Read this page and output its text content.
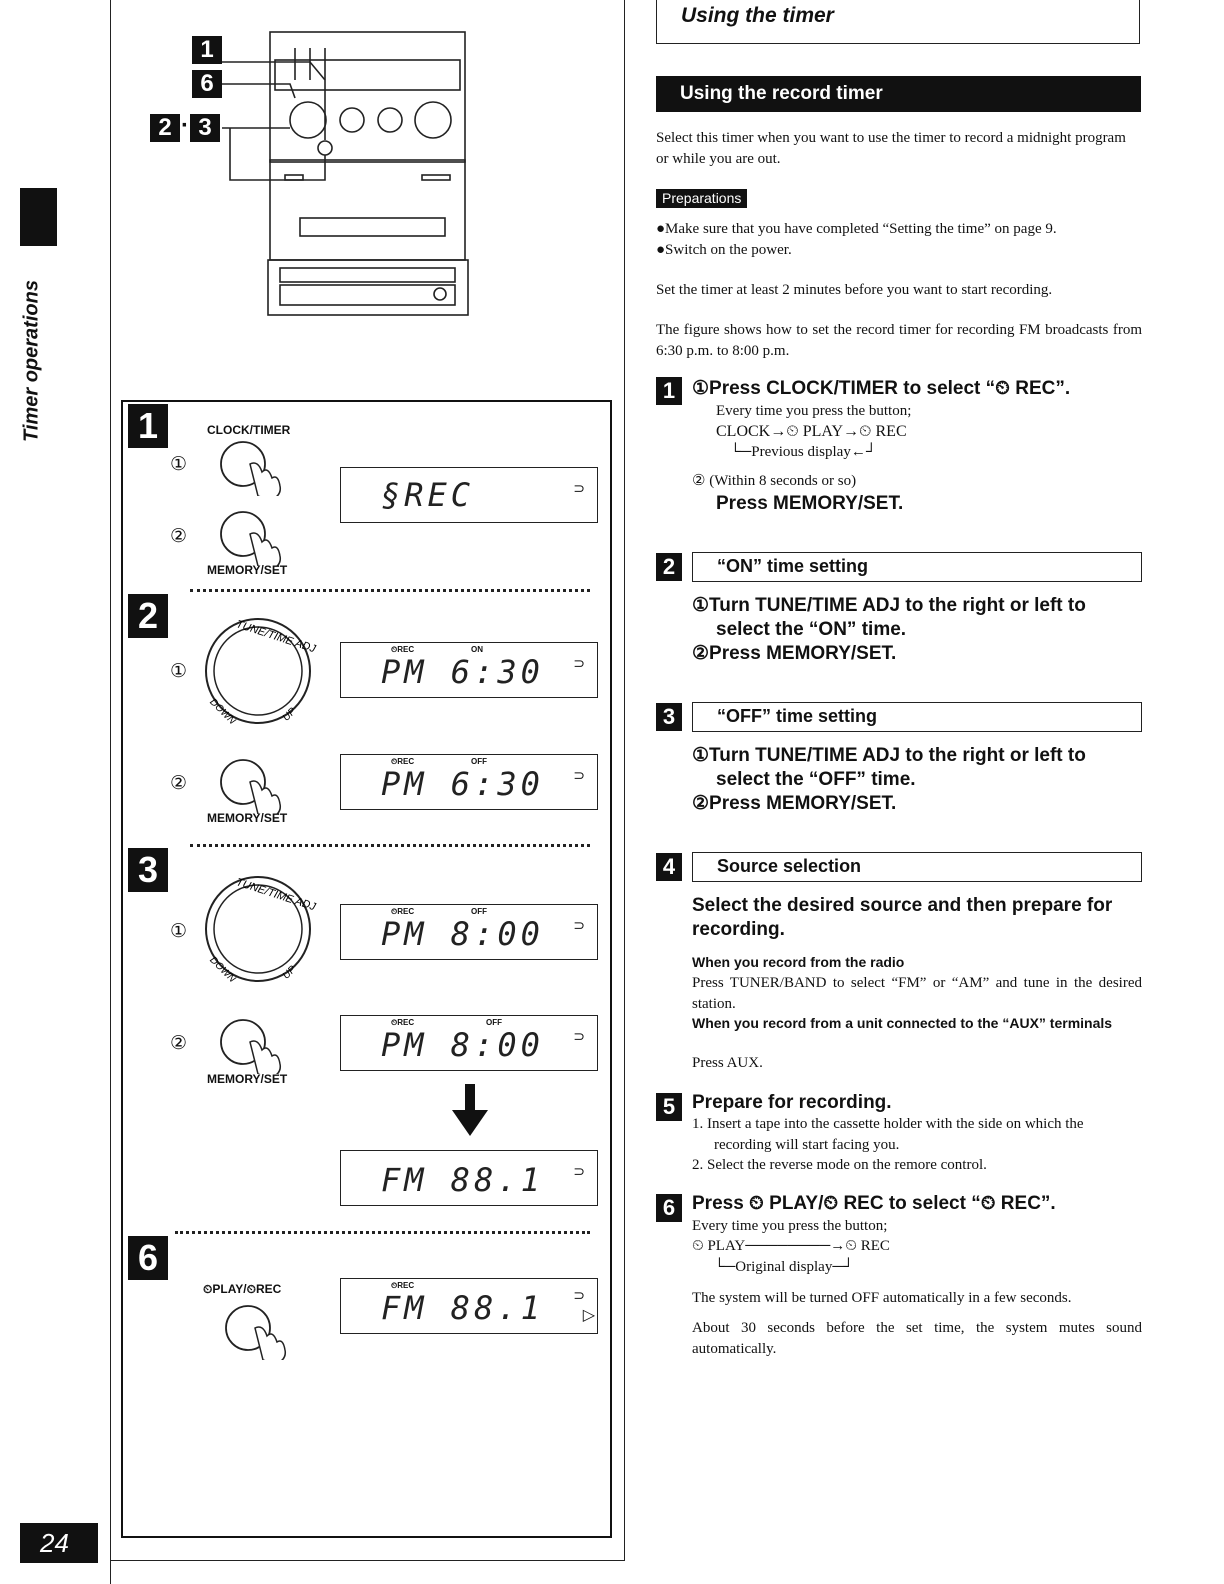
Timer operations
24
1
6
2 · 3
1	CLOCK/TIMER
①
②
MEMORY/SET
§REC	⊃
2
TUNE/TIME ADJ
DOWN	UP
①
⏲REC	ON
PM 6:30 ⊃
②
MEMORY/SET
⏲REC	OFF
PM 6:30 ⊃
3
TUNE/TIME ADJ
DOWN	UP
①
⏲REC	OFF
PM 8:00 ⊃
②
MEMORY/SET
⏲REC	OFF
PM 8:00 ⊃
FM 88.1 ⊃
6
⏲PLAY/⏲REC	⏲REC
FM 88.1 ⊃
▷
Using the timer
Using the record timer
Select this timer when you want to use the timer to record a midnight program or while you are out.
Preparations
●Make sure that you have completed “Setting the time” on page 9.
●Switch on the power.
Set the timer at least 2 minutes before you want to start recording.
The figure shows how to set the record timer for recording FM broadcasts from 6:30 p.m. to 8:00 p.m.
1 ①Press CLOCK/TIMER to select “⏲ REC”.
Every time you press the button;
CLOCK→⏲ PLAY→⏲ REC
└─Previous display←┘
② (Within 8 seconds or so)
Press MEMORY/SET.
2	“ON” time setting
①Turn TUNE/TIME ADJ to the right or left to
select the “ON” time.
②Press MEMORY/SET.
3	“OFF” time setting
①Turn TUNE/TIME ADJ to the right or left to
select the “OFF” time.
②Press MEMORY/SET.
4	Source selection
Select the desired source and then prepare for
recording.
When you record from the radio
Press TUNER/BAND to select “FM” or “AM” and tune in the desired station.
When you record from a unit connected to the “AUX” terminals
Press AUX.
5 Prepare for recording.
1. Insert a tape into the cassette holder with the side on which the recording will start facing you.
2. Select the reverse mode on the remore control.
6 Press ⏲ PLAY/⏲ REC to select “⏲ REC”.
Every time you press the button;
⏲ PLAY────────→⏲ REC
└─Original display─┘
The system will be turned OFF automatically in a few seconds.
About 30 seconds before the set time, the system mutes sound automatically.
